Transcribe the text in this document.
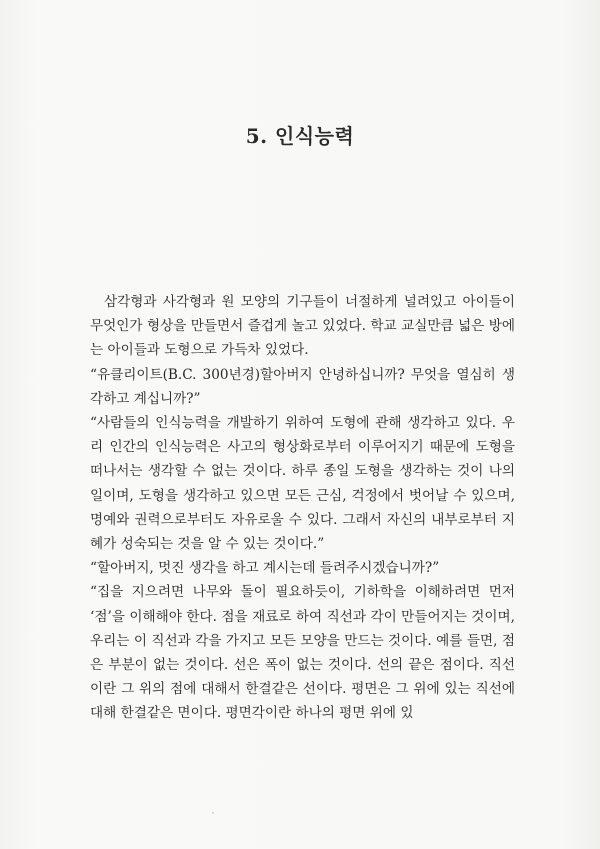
5. 인식능력

삼각형과 사각형과 원 모양의 기구들이 너절하게 널려있고 아이들이 무엇인가 형상을 만들면서 즐겁게 놀고 있었다. 학교 교실만큼 넓은 방에는 아이들과 도형으로 가득차 있었다.

“유클리이트(B.C. 300년경)할아버지 안녕하십니까? 무엇을 열심히 생각하고 계십니까?”

“사람들의 인식능력을 개발하기 위하여 도형에 관해 생각하고 있다. 우리 인간의 인식능력은 사고의 형상화로부터 이루어지기 때문에 도형을 떠나서는 생각할 수 없는 것이다. 하루 종일 도형을 생각하는 것이 나의 일이며, 도형을 생각하고 있으면 모든 근심, 걱정에서 벗어날 수 있으며, 명예와 권력으로부터도 자유로울 수 있다. 그래서 자신의 내부로부터 지혜가 성숙되는 것을 알 수 있는 것이다.”

“할아버지, 멋진 생각을 하고 계시는데 들려주시겠습니까?”

“집을 지으려면 나무와 돌이 필요하듯이, 기하학을 이해하려면 먼저 ‘점’을 이해해야 한다. 점을 재료로 하여 직선과 각이 만들어지는 것이며, 우리는 이 직선과 각을 가지고 모든 모양을 만드는 것이다. 예를 들면, 점은 부분이 없는 것이다. 선은 폭이 없는 것이다. 선의 끝은 점이다. 직선이란 그 위의 점에 대해서 한결같은 선이다. 평면은 그 위에 있는 직선에 대해 한결같은 면이다. 평면각이란 하나의 평면 위에 있
